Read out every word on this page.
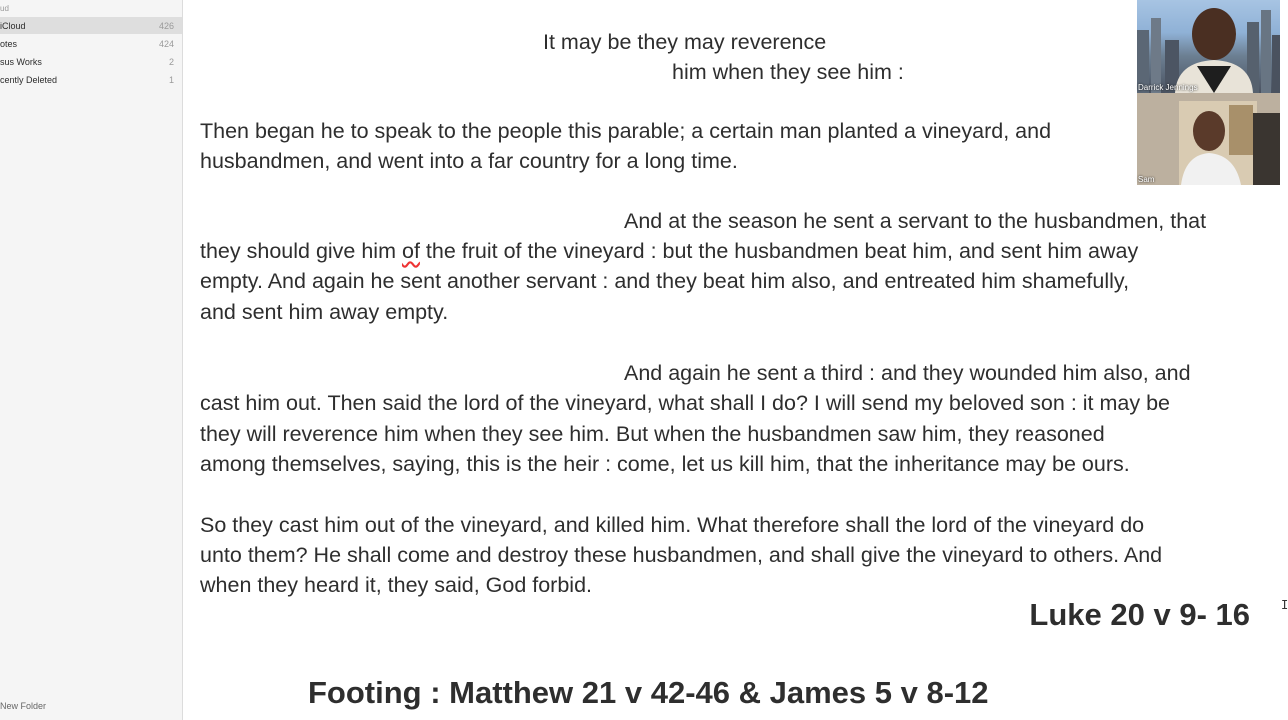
ud
iCloud	426
otes	424
sus Works	2
cently Deleted	1
New Folder
It may be they may reverence
him when they see him :
Then began he to speak to the people this parable; a certain man planted a vineyard, and
husbandmen, and went into a far country for a long time.
And at the season he sent a servant to the husbandmen, that
they should give him of the fruit of the vineyard : but the husbandmen beat him, and sent him away
empty. And again he sent another servant : and they beat him also, and entreated him shamefully,
and sent him away empty.
And again he sent a third : and they wounded him also, and
cast him out. Then said the lord of the vineyard, what shall I do? I will send my beloved son : it may be
they will reverence him when they see him. But when the husbandmen saw him, they reasoned
among themselves, saying, this is the heir : come, let us kill him, that the inheritance may be ours.
So they cast him out of the vineyard, and killed him. What therefore shall the lord of the vineyard do
unto them? He shall come and destroy these husbandmen, and shall give the vineyard to others. And
when they heard it, they said, God forbid.
Luke 20 v 9- 16
Footing : Matthew 21 v 42-46 & James 5 v 8-12
I
Darrick Jennings
Sam
